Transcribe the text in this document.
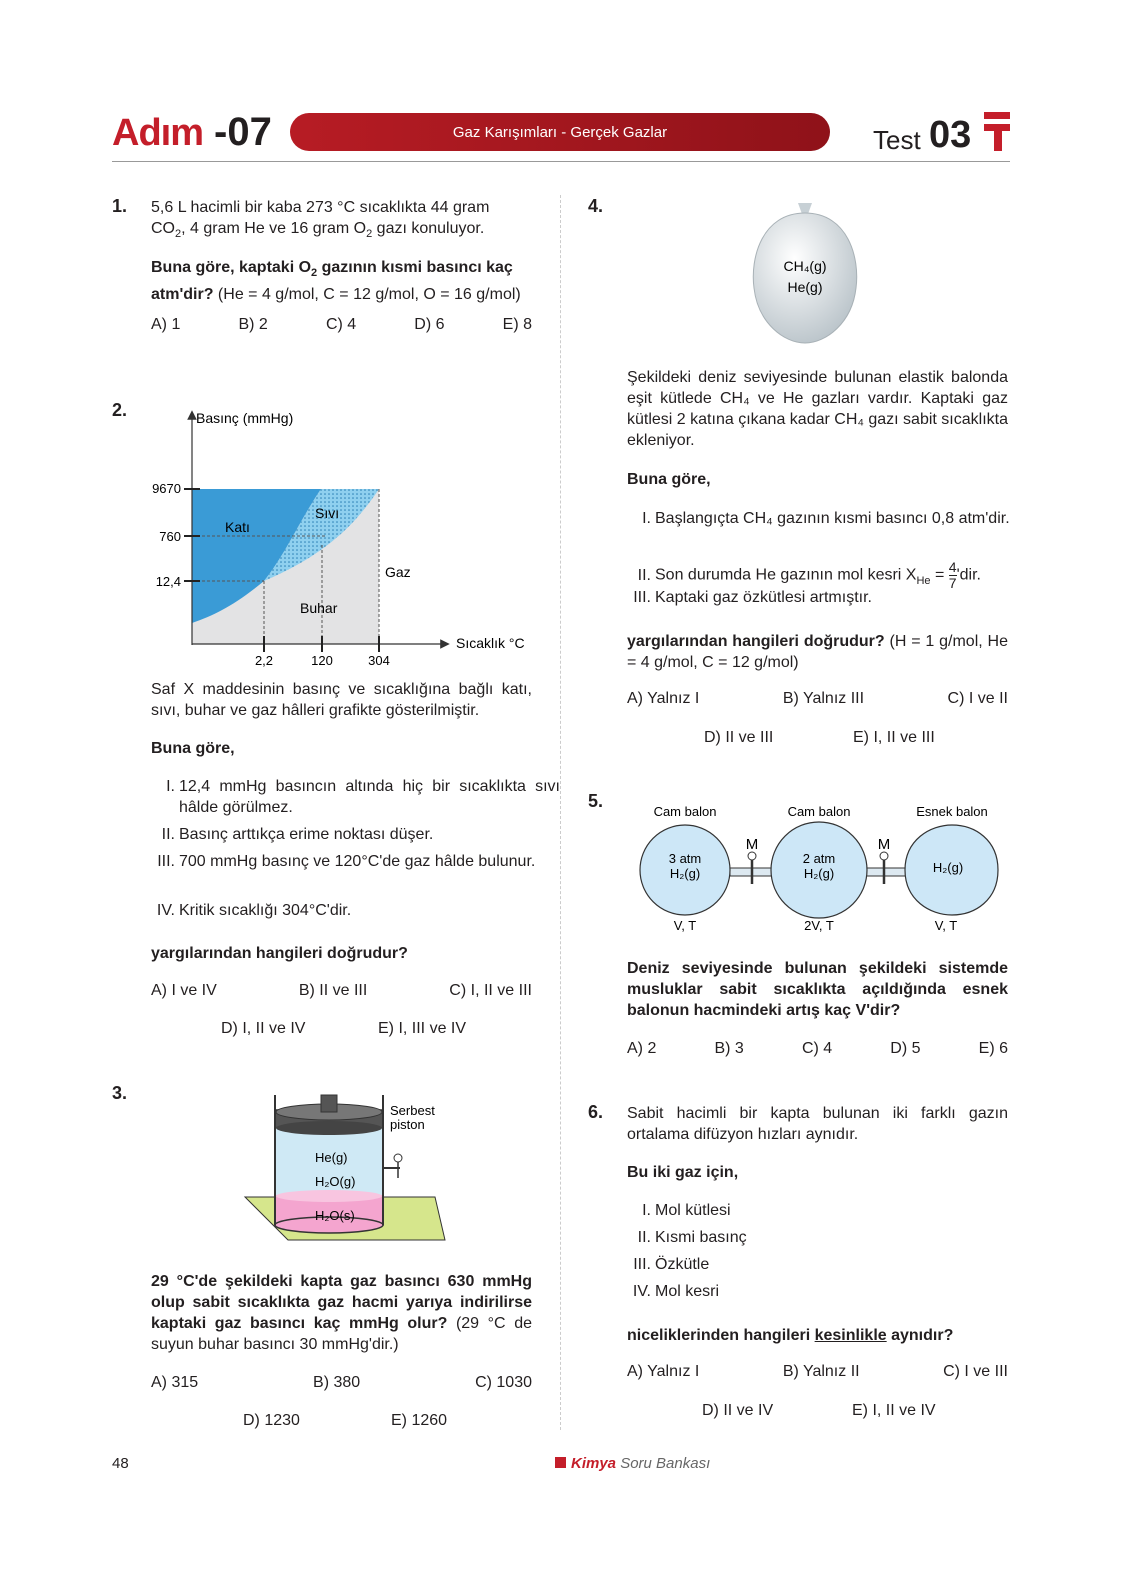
Adım -07	Gaz Karışımları - Gerçek Gazlar	Test 03
1. 5,6 L hacimli bir kaba 273 °C sıcaklıkta 44 gram
$CO_2$, 4 gram He ve 16 gram $O_2$ gazı konuluyor.
Buna göre, kaptaki $O_2$ gazının kısmi basıncı kaç
atm'dir? (He = 4 g/mol, C = 12 g/mol, O = 16 g/mol)
A) 1	B) 2	C) 4	D) 6	E) 8
2.	Basınç (mmHg)
Sıcaklık °C
9670
760
12,4
2,2	120	304
Katı
Sıvı
Gaz
Buhar
Saf X maddesinin basınç ve sıcaklığına bağlı katı, sıvı, buhar ve gaz hâlleri grafikte gösterilmiştir.
Buna göre,
I. 12,4 mmHg basıncın altında hiç bir sıcaklıkta sıvı hâlde görülmez.
II. Basınç arttıkça erime noktası düşer.
III. 700 mmHg basınç ve 120°C'de gaz hâlde bulunur.
IV. Kritik sıcaklığı 304°C'dir.
yargılarından hangileri doğrudur?
A) I ve IV	B) II ve III	C) I, II ve III
D) I, II ve IV	E) I, III ve IV
3.
Serbest
piston
He(g)
H₂O(g)
H₂O(s)
29 °C'de şekildeki kapta gaz basıncı 630 mmHg olup sabit sıcaklıkta gaz hacmi yarıya indirilirse kaptaki gaz basıncı kaç mmHg olur? (29 °C de suyun buhar basıncı 30 mmHg'dir.)
A) 315	B) 380	C) 1030
D) 1230	E) 1260
4.
CH₄(g)
He(g)
Şekildeki deniz seviyesinde bulunan elastik balonda eşit kütlede CH₄ ve He gazları vardır. Kaptaki gaz kütlesi 2 katına çıkana kadar CH₄ gazı sabit sıcaklıkta ekleniyor.
Buna göre,
I. Başlangıçta CH₄ gazının kısmi basıncı 0,8 atm'dir.
II. Son durumda He gazının mol kesri $X_{He} = \frac{4}{7}$ 'dir.
III. Kaptaki gaz özkütlesi artmıştır.
yargılarından hangileri doğrudur? (H = 1 g/mol, He = 4 g/mol, C = 12 g/mol)
A) Yalnız I	B) Yalnız III	C) I ve II
D) II ve III	E) I, II ve III
5.
Cam balon	Cam balon	Esnek balon
M	M
3 atm
H₂(g)
2 atm
H₂(g)	H₂(g)
V, T	2V, T	V, T
Deniz seviyesinde bulunan şekildeki sistemde musluklar sabit sıcaklıkta açıldığında esnek balonun hacmindeki artış kaç V'dir?
A) 2	B) 3	C) 4	D) 5	E) 6
6. Sabit hacimli bir kapta bulunan iki farklı gazın ortalama difüzyon hızları aynıdır.
Bu iki gaz için,
I. Mol kütlesi
II. Kısmi basınç
III. Özkütle
IV. Mol kesri
niceliklerinden hangileri kesinlikle aynıdır?
A) Yalnız I	B) Yalnız II	C) I ve III
D) II ve IV	E) I, II ve IV
48	Kimya Soru Bankası
